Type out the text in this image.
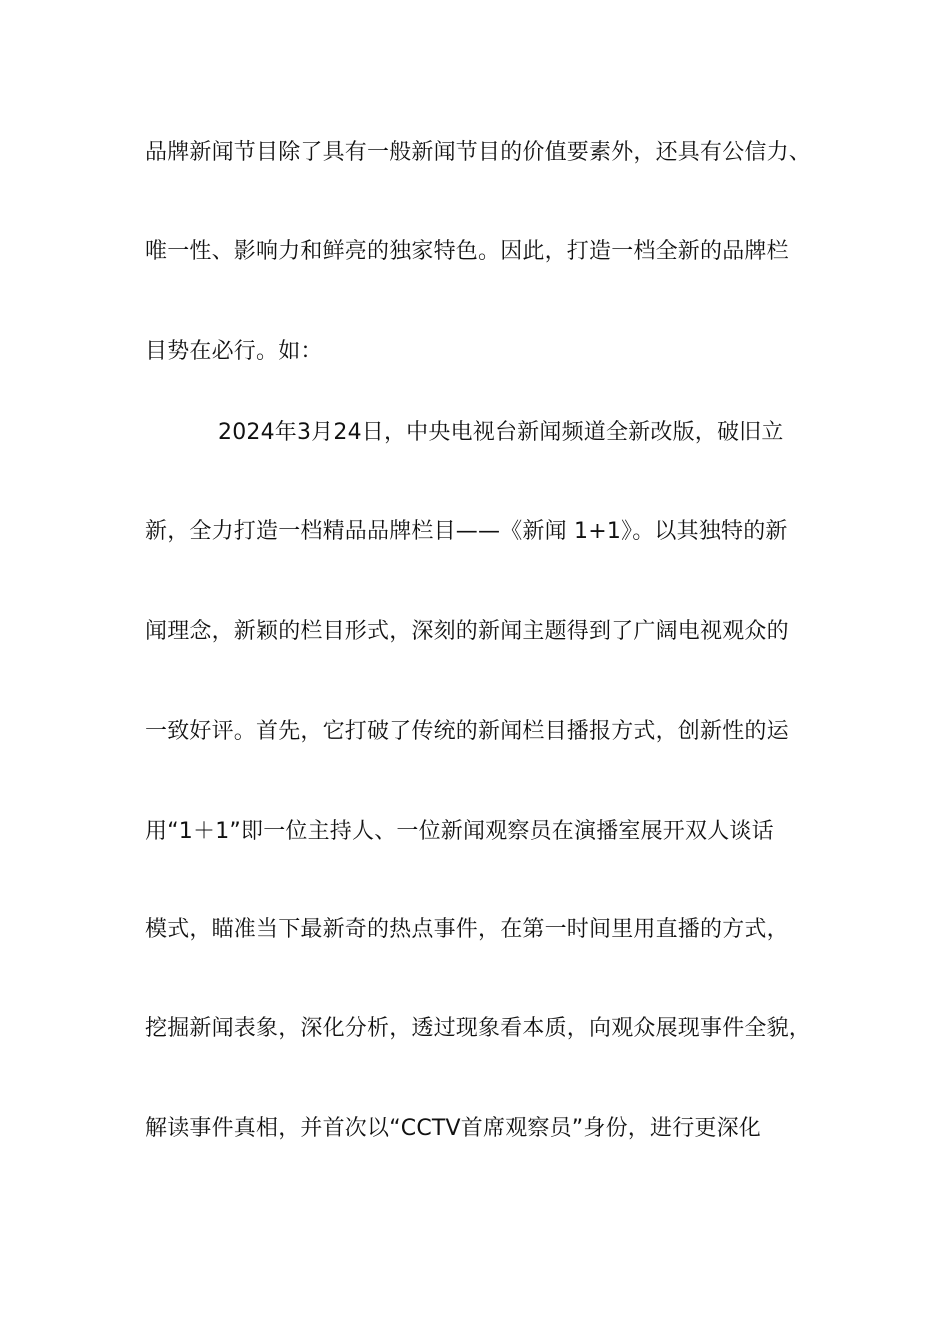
品牌新闻节目除了具有一般新闻节目的价值要素外，还具有公信力、
唯一性、影响力和鲜亮的独家特色。因此，打造一档全新的品牌栏
目势在必行。如：
2024年3月24日，中央电视台新闻频道全新改版，破旧立
新，全力打造一档精品品牌栏目——《新闻 1+1》。以其独特的新
闻理念，新颖的栏目形式，深刻的新闻主题得到了广阔电视观众的
一致好评。首先，它打破了传统的新闻栏目播报方式，创新性的运
用“1＋1”即一位主持人、一位新闻观察员在演播室展开双人谈话
模式，瞄准当下最新奇的热点事件，在第一时间里用直播的方式，
挖掘新闻表象，深化分析，透过现象看本质，向观众展现事件全貌，
解读事件真相，并首次以“CCTV首席观察员”身份，进行更深化
